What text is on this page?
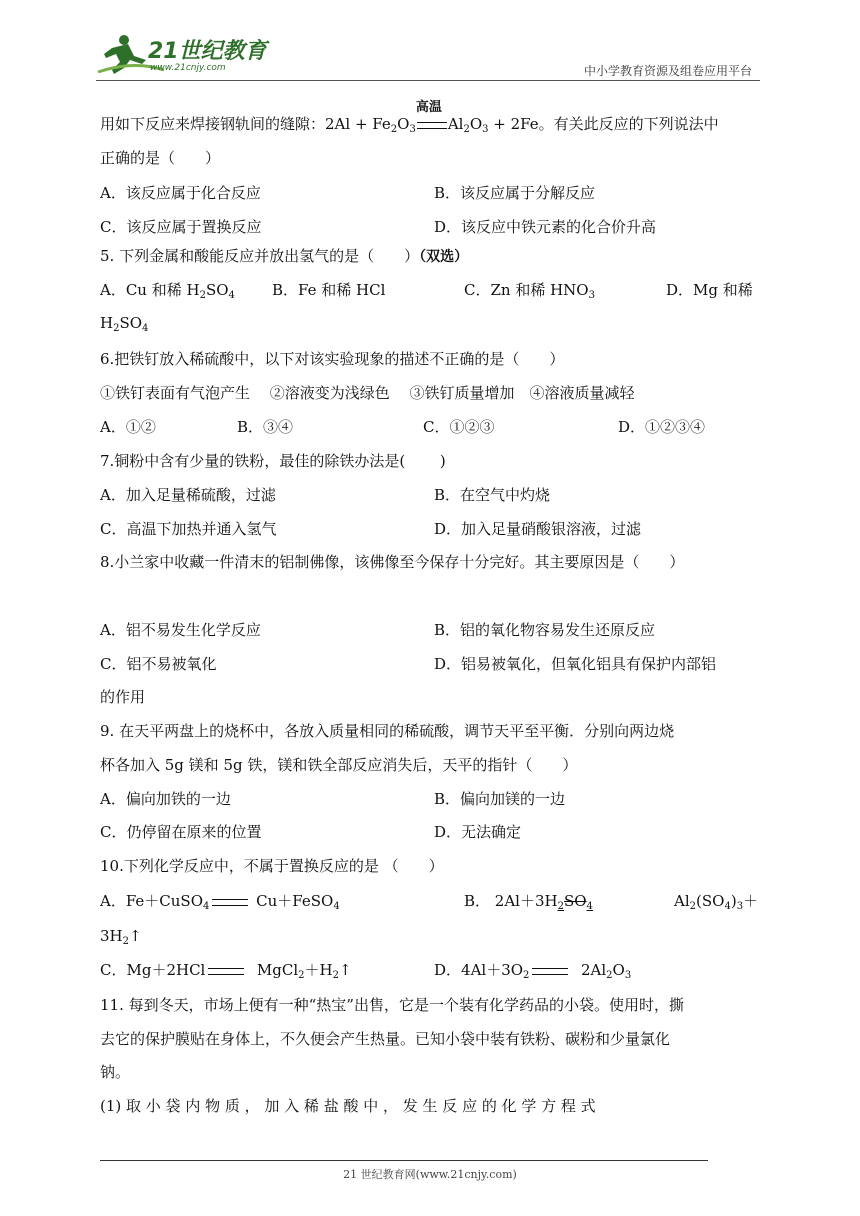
21世纪教育
www.21cnjy.com	中小学教育资源及组卷应用平台
用如下反应来焊接钢轨间的缝隙：$2Al + Fe_2O_3$
高温
$Al_2O_3 + 2Fe$。有关此反应的下列说法中
正确的是（　　）
A．该反应属于化合反应	B．该反应属于分解反应
C．该反应属于置换反应	D．该反应中铁元素的化合价升高
5. 下列金属和酸能反应并放出氢气的是（　　）（双选）
A．Cu 和稀 $H_2SO_4$ B．Fe 和稀 HCl	C．Zn 和稀 $HNO_3$	D．Mg 和稀
$H_2SO_4$
6.把铁钉放入稀硫酸中，以下对该实验现象的描述不正确的是（　　）
①铁钉表面有气泡产生　 ②溶液变为浅绿色　 ③铁钉质量增加　④溶液质量减轻
A．①②	B．③④	C．①②③	D．①②③④
7.铜粉中含有少量的铁粉，最佳的除铁办法是(　　 )
A．加入足量稀硫酸，过滤	B．在空气中灼烧
C．高温下加热并通入氢气	D．加入足量硝酸银溶液，过滤
8.小兰家中收藏一件清末的铝制佛像，该佛像至今保存十分完好。其主要原因是（　　）
A．铝不易发生化学反应	B．铝的氧化物容易发生还原反应
C．铝不易被氧化	D．铝易被氧化，但氧化铝具有保护内部铝
的作用
9. 在天平两盘上的烧杯中，各放入质量相同的稀硫酸，调节天平至平衡．分别向两边烧
杯各加入 5g 镁和 5g 铁，镁和铁全部反应消失后，天平的指针（　　）
A．偏向加铁的一边	B．偏向加镁的一边
C．仍停留在原来的位置	D．无法确定
10.下列化学反应中，不属于置换反应的是 （　　）
A．Fe＋CuSO$_4$	Cu＋FeSO$_4$	B． $2Al+3H_2SO_4$	$Al_2(SO_4)_3+$
$3H_2↑$
C．Mg＋2HCl	$MgCl_2+H_2↑$	D．$4Al+3O_2$	$2Al_2O_3$
11. 每到冬天，市场上便有一种“热宝”出售，它是一个装有化学药品的小袋。使用时，撕
去它的保护膜贴在身体上，不久便会产生热量。已知小袋中装有铁粉、碳粉和少量氯化
钠。
(1) 取 小 袋 内 物 质 ， 加 入 稀 盐 酸 中 ， 发 生 反 应 的 化 学 方 程 式
21 世纪教育网(www.21cnjy.com)
